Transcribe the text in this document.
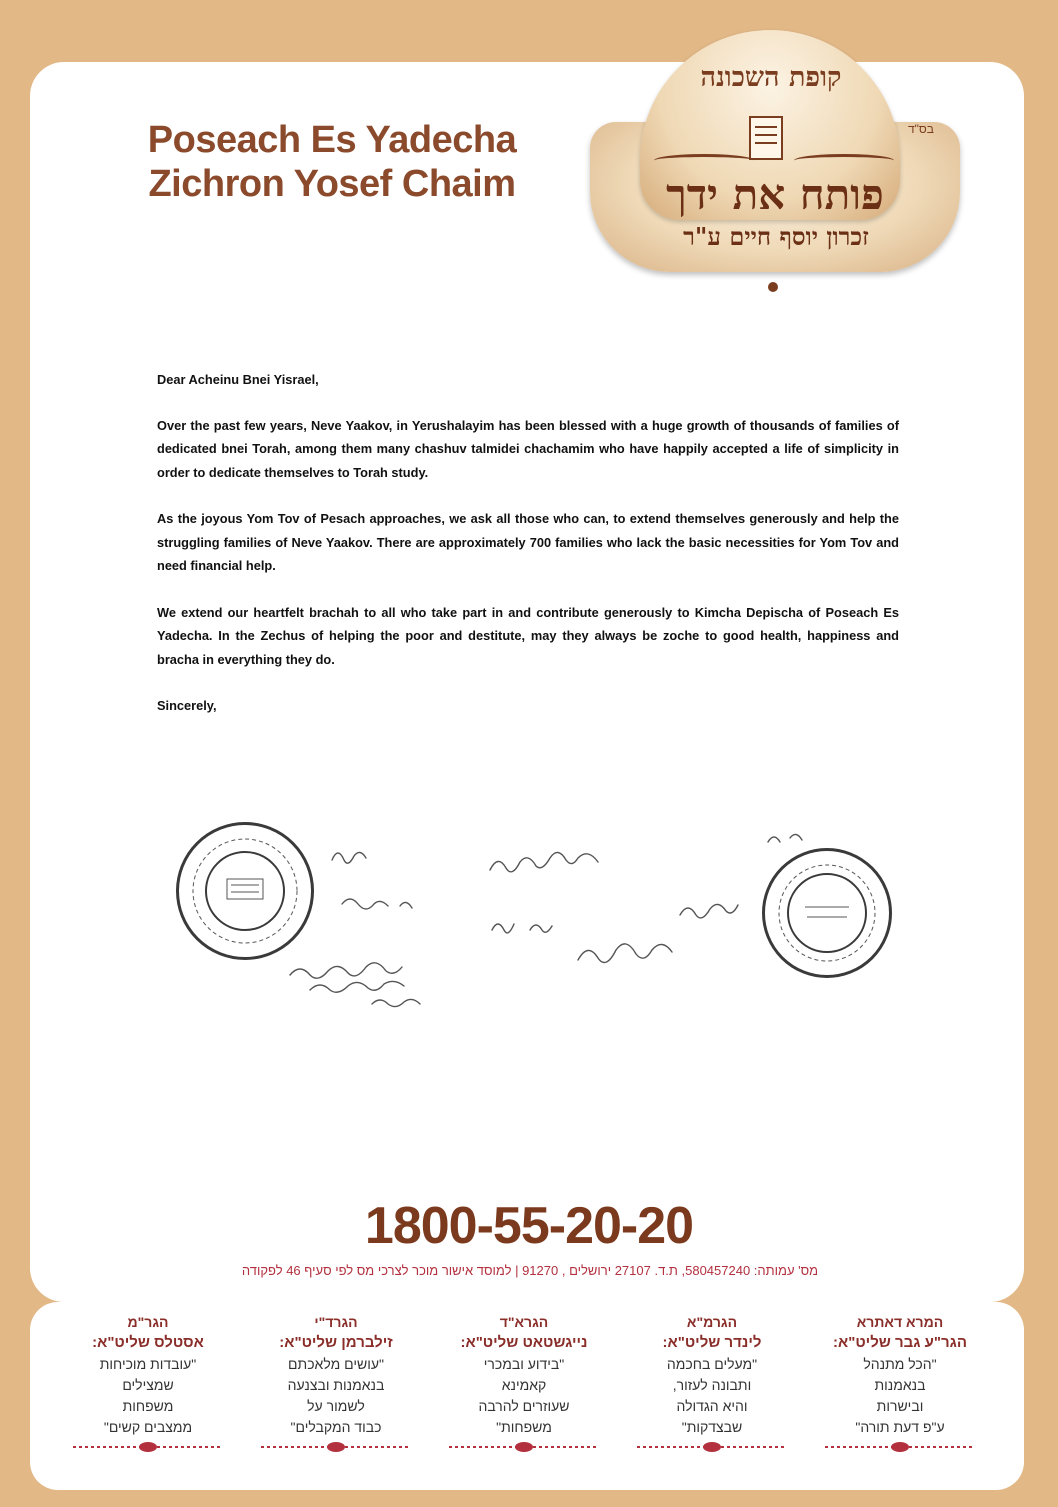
Poseach Es Yadecha
Zichron Yosef Chaim
קופת השכונה
פותח את ידך
זכרון יוסף חיים ע"ר
בס"ד

Dear Acheinu Bnei Yisrael,

Over the past few years, Neve Yaakov, in Yerushalayim has been blessed with a huge growth of thousands of families of dedicated bnei Torah, among them many chashuv talmidei chachamim who have happily accepted a life of simplicity in order to dedicate themselves to Torah study.

As the joyous Yom Tov of Pesach approaches, we ask all those who can, to extend themselves generously and help the struggling families of Neve Yaakov. There are approximately 700 families who lack the basic necessities for Yom Tov and need financial help.

We extend our heartfelt brachah to all who take part in and contribute generously to Kimcha Depischa of Poseach Es Yadecha. In the Zechus of helping the poor and destitute, may they always be zoche to good health, happiness and bracha in everything they do.

Sincerely,

1800-55-20-20
מס' עמותה: 580457240, ת.ד. 27107 ירושלים , 91270 | למוסד אישור מוכר לצרכי מס לפי סעיף 46 לפקודה
המרא דאתרא
הגר"ע גבר שליט"א:
"הכל מתנהל
בנאמנות
ובישרות
ע"פ דעת תורה"
הגרמ"א
לינדר שליט"א:
"מעלים בחכמה
ותבונה לעזור,
והיא הגדולה
שבצדקות"
הגרא"ד
נייגשטאט שליט"א:
"בידוע ובמכרי
קאמינא
שעוזרים להרבה
משפחות"
הגרד"י
זילברמן שליט"א:
"עושים מלאכתם
בנאמנות ובצנעה
לשמור על
כבוד המקבלים"
הגר"מ
אסטלס שליט"א:
"עובדות מוכיחות
שמצילים
משפחות
ממצבים קשים"
